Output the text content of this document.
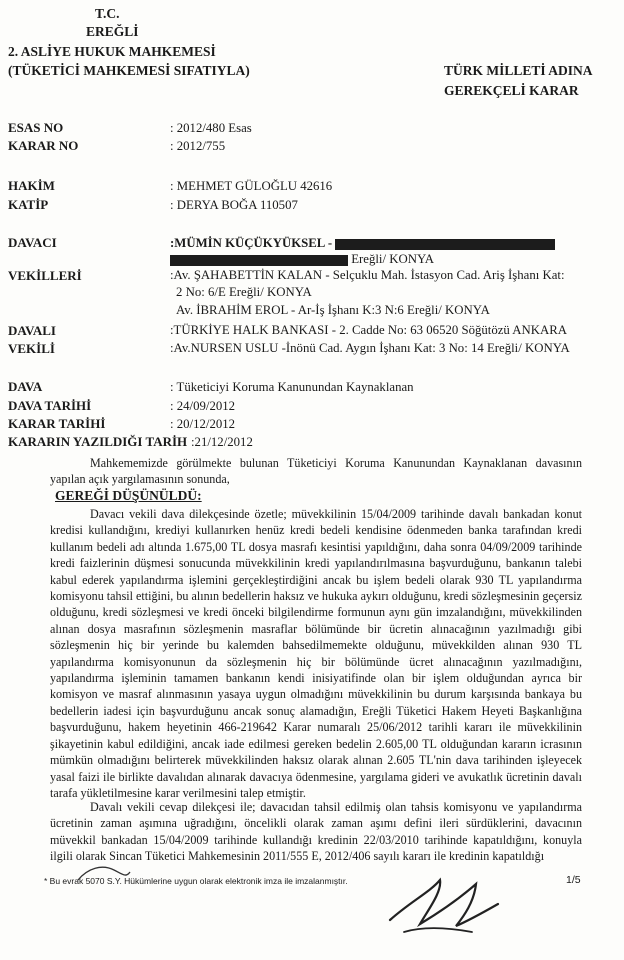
T.C.
EREĞLİ
2. ASLİYE HUKUK MAHKEMESİ
(TÜKETİCİ MAHKEMESİ SIFATIYLA)	TÜRK MİLLETİ ADINA
GEREKÇELİ KARAR
ESAS NO	: 2012/480 Esas
KARAR NO	: 2012/755
HAKİM	: MEHMET GÜLOĞLU 42616
KATİP	: DERYA BOĞA 110507
DAVACI	:MÜMİN KÜÇÜKYÜKSEL -
Ereğli/ KONYA
VEKİLLERİ	:Av. ŞAHABETTİN KALAN - Selçuklu Mah. İstasyon Cad. Ariş İşhanı Kat:
2 No: 6/E Ereğli/ KONYA
Av. İBRAHİM EROL - Ar-İş İşhanı K:3 N:6 Ereğli/ KONYA
DAVALI	:TÜRKİYE HALK BANKASI - 2. Cadde No: 63 06520 Söğütözü ANKARA
VEKİLİ	:Av.NURSEN USLU -İnönü Cad. Aygın İşhanı Kat: 3 No: 14 Ereğli/ KONYA
DAVA	: Tüketiciyi Koruma Kanunundan Kaynaklanan
DAVA TARİHİ	: 24/09/2012
KARAR TARİHİ	: 20/12/2012
KARARIN YAZILDIĞI TARİH :21/12/2012

Mahkememizde görülmekte bulunan Tüketiciyi Koruma Kanunundan Kaynaklanan davasının

yapılan açık yargılamasının sonunda,

GEREĞİ DÜŞÜNÜLDÜ:

Davacı vekili dava dilekçesinde özetle; müvekkilinin 15/04/2009 tarihinde davalı bankadan konut kredisi kullandığını, krediyi kullanırken henüz kredi bedeli kendisine ödenmeden banka tarafından kredi kullanım bedeli adı altında 1.675,00 TL dosya masrafı kesintisi yapıldığını, daha sonra 04/09/2009 tarihinde kredi faizlerinin düşmesi sonucunda müvekkilinin kredi yapılandırılmasına başvurduğunu, bankanın talebi kabul ederek yapılandırma işlemini gerçekleştirdiğini ancak bu işlem bedeli olarak 930 TL yapılandırma komisyonu tahsil ettiğini, bu alının bedellerin haksız ve hukuka aykırı olduğunu, kredi sözleşmesinin geçersiz olduğunu, kredi sözleşmesi ve kredi önceki bilgilendirme formunun aynı gün imzalandığını, müvekkilinden alınan dosya masrafının sözleşmenin masraflar bölümünde bir ücretin alınacağının yazılmadığı gibi sözleşmenin hiç bir yerinde bu kalemden bahsedilmemekte olduğunu, müvekkilden alınan 930 TL yapılandırma komisyonunun da sözleşmenin hiç bir bölümünde ücret alınacağının yazılmadığını, yapılandırma işleminin tamamen bankanın kendi inisiyatifinde olan bir işlem olduğundan ayrıca bir komisyon ve masraf alınmasının yasaya uygun olmadığını müvekkilinin bu durum karşısında bankaya bu bedellerin iadesi için başvurduğunu ancak sonuç alamadığın, Ereğli Tüketici Hakem Heyeti Başkanlığına başvurduğunu, hakem heyetinin 466-219642 Karar numaralı 25/06/2012 tarihli kararı ile müvekkilinin şikayetinin kabul edildiğini, ancak iade edilmesi gereken bedelin 2.605,00 TL olduğundan kararın icrasının mümkün olmadığını belirterek müvekkilinden haksız olarak alınan 2.605 TL'nin dava tarihinden işleyecek yasal faizi ile birlikte davalıdan alınarak davacıya ödenmesine, yargılama gideri ve avukatlık ücretinin davalı tarafa yükletilmesine karar verilmesini talep etmiştir.

Davalı vekili cevap dilekçesi ile; davacıdan tahsil edilmiş olan tahsis komisyonu ve yapılandırma ücretinin zaman aşımına uğradığını, öncelikli olarak zaman aşımı defini ileri sürdüklerini, davacının müvekkil bankadan 15/04/2009 tarihinde kullandığı kredinin 22/03/2010 tarihinde kapatıldığını, konuyla ilgili olarak Sincan Tüketici Mahkemesinin 2011/555 E, 2012/406 sayılı kararı ile kredinin kapatıldığı

* Bu evrak 5070 S.Y. Hükümlerine uygun olarak elektronik imza ile imzalanmıştır.	1/5
